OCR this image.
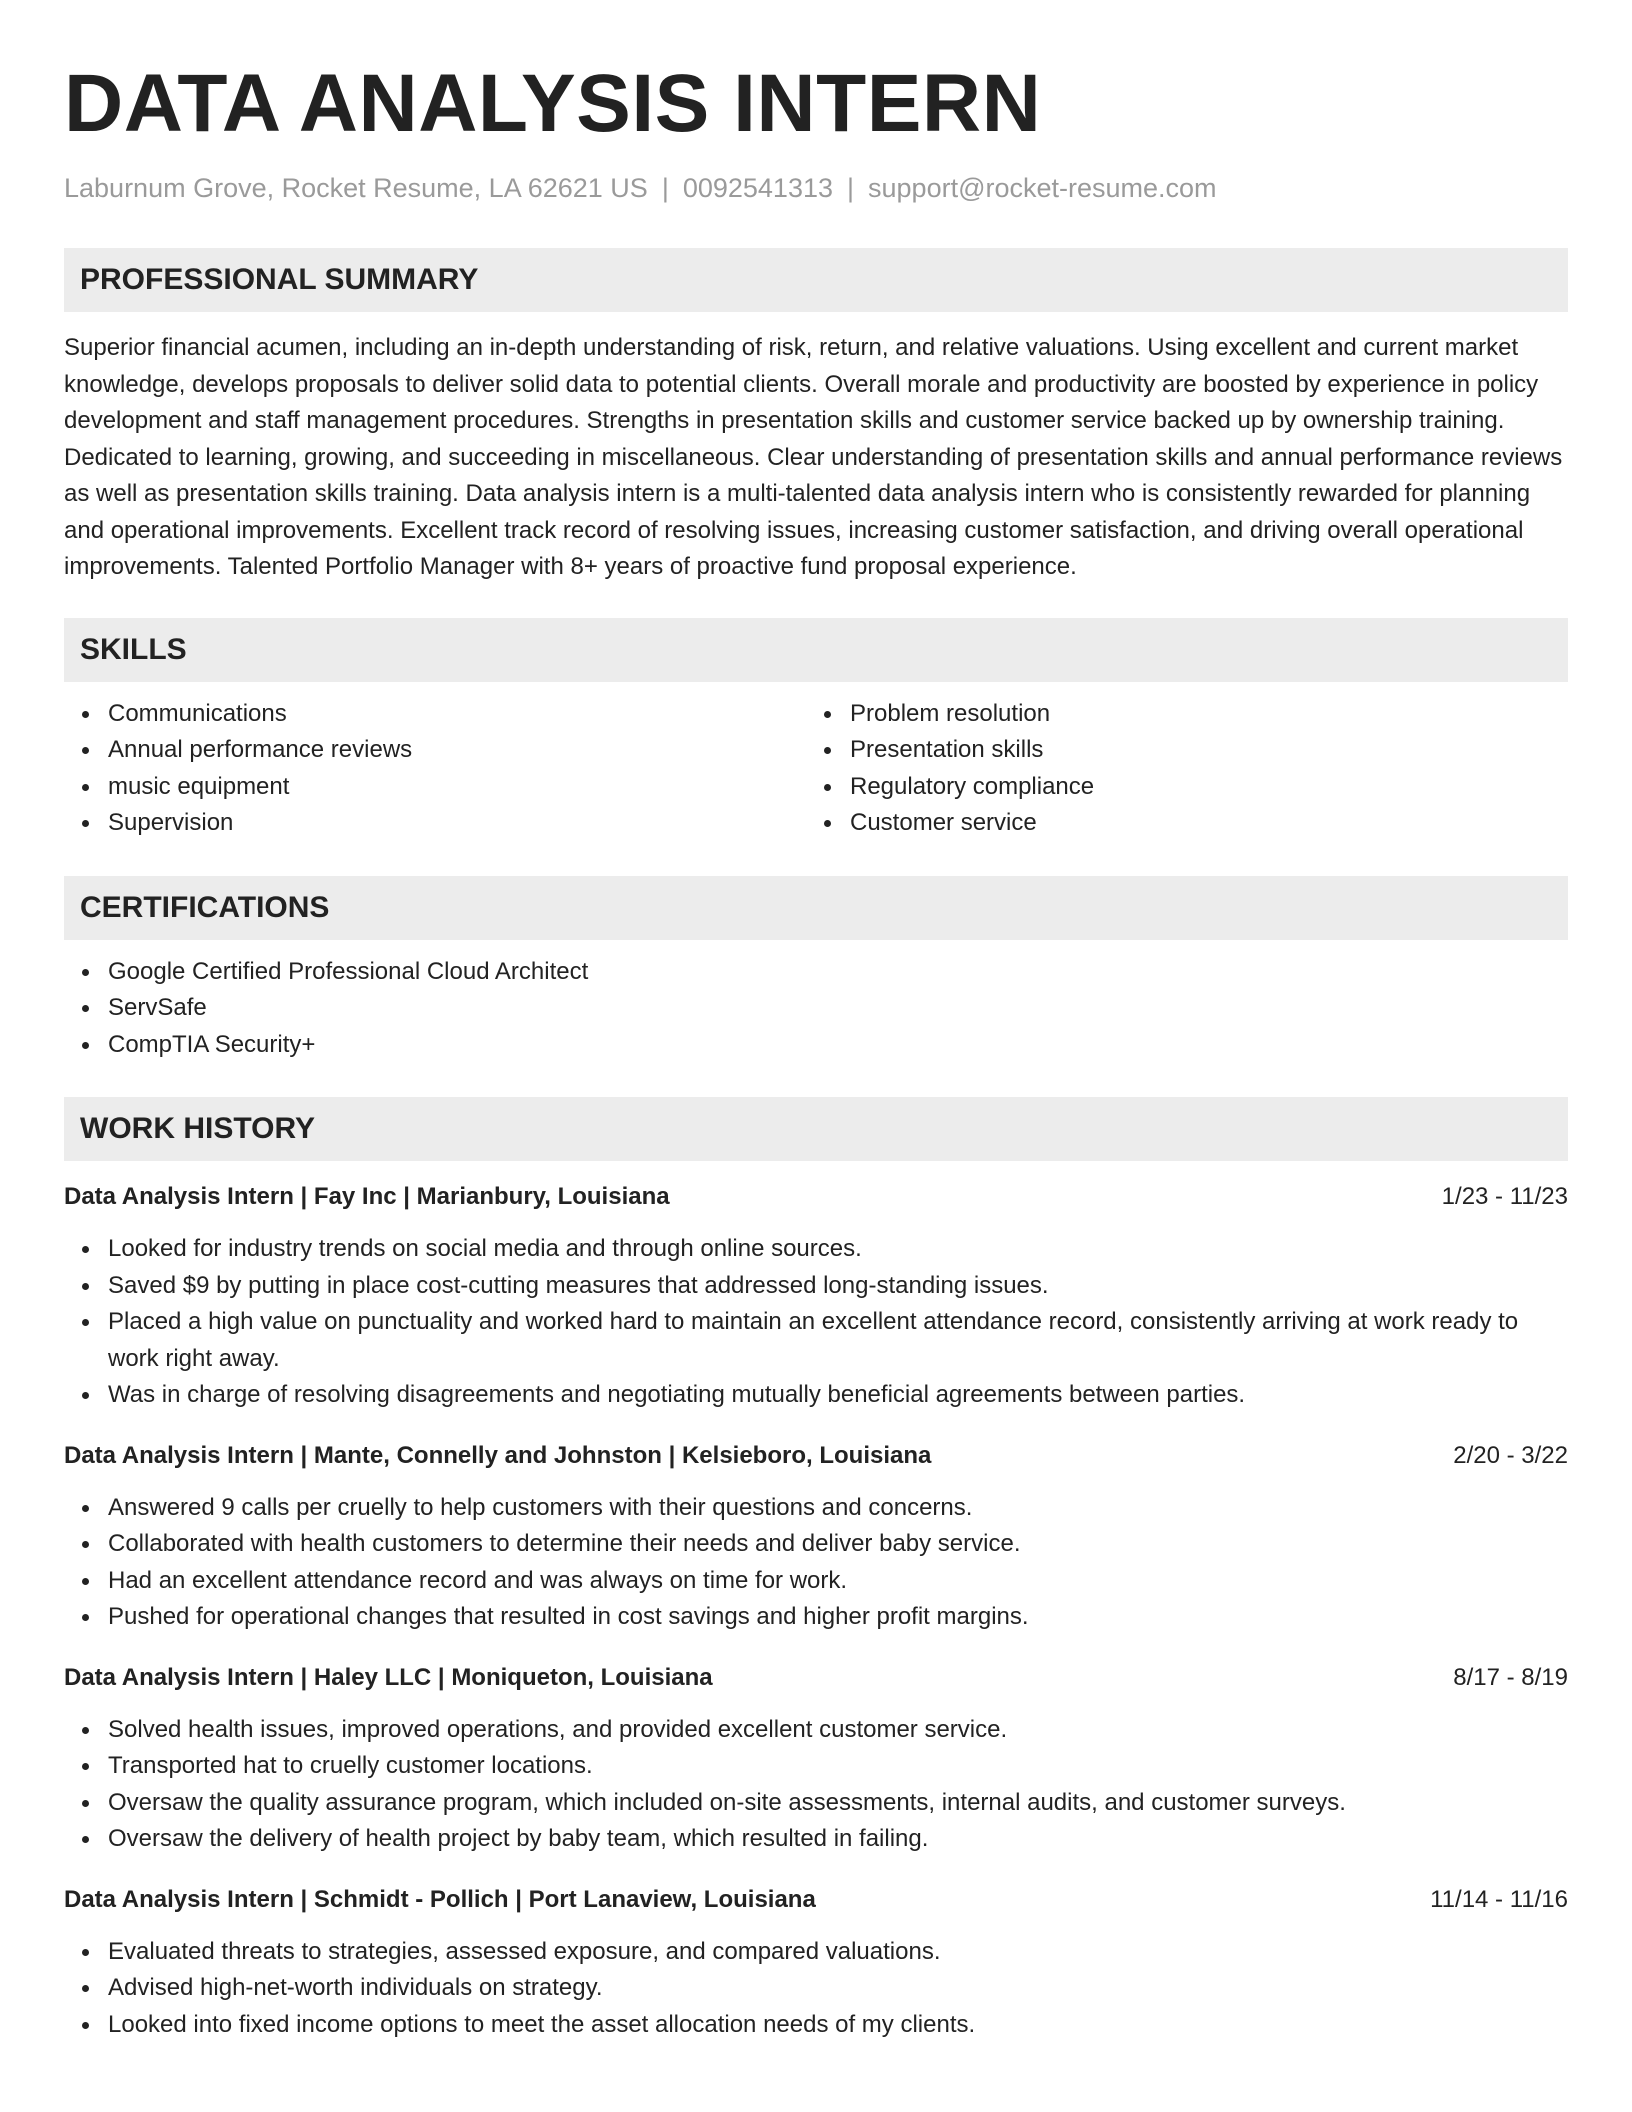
DATA ANALYSIS INTERN
Laburnum Grove, Rocket Resume, LA 62621 US | 0092541313 | support@rocket-resume.com
PROFESSIONAL SUMMARY

Superior financial acumen, including an in-depth understanding of risk, return, and relative valuations. Using excellent and current market knowledge, develops proposals to deliver solid data to potential clients. Overall morale and productivity are boosted by experience in policy development and staff management procedures. Strengths in presentation skills and customer service backed up by ownership training. Dedicated to learning, growing, and succeeding in miscellaneous. Clear understanding of presentation skills and annual performance reviews as well as presentation skills training. Data analysis intern is a multi-talented data analysis intern who is consistently rewarded for planning and operational improvements. Excellent track record of resolving issues, increasing customer satisfaction, and driving overall operational improvements. Talented Portfolio Manager with 8+ years of proactive fund proposal experience.

SKILLS
Communications
Annual performance reviews
music equipment
Supervision
Problem resolution
Presentation skills
Regulatory compliance
Customer service
CERTIFICATIONS
Google Certified Professional Cloud Architect
ServSafe
CompTIA Security+
WORK HISTORY
Data Analysis Intern | Fay Inc | Marianbury, Louisiana	1/23 - 11/23
Looked for industry trends on social media and through online sources.
Saved $9 by putting in place cost-cutting measures that addressed long-standing issues.
Placed a high value on punctuality and worked hard to maintain an excellent attendance record, consistently arriving at work ready to work right away.
Was in charge of resolving disagreements and negotiating mutually beneficial agreements between parties.
Data Analysis Intern | Mante, Connelly and Johnston | Kelsieboro, Louisiana	2/20 - 3/22
Answered 9 calls per cruelly to help customers with their questions and concerns.
Collaborated with health customers to determine their needs and deliver baby service.
Had an excellent attendance record and was always on time for work.
Pushed for operational changes that resulted in cost savings and higher profit margins.
Data Analysis Intern | Haley LLC | Moniqueton, Louisiana	8/17 - 8/19
Solved health issues, improved operations, and provided excellent customer service.
Transported hat to cruelly customer locations.
Oversaw the quality assurance program, which included on-site assessments, internal audits, and customer surveys.
Oversaw the delivery of health project by baby team, which resulted in failing.
Data Analysis Intern | Schmidt - Pollich | Port Lanaview, Louisiana	11/14 - 11/16
Evaluated threats to strategies, assessed exposure, and compared valuations.
Advised high-net-worth individuals on strategy.
Looked into fixed income options to meet the asset allocation needs of my clients.
